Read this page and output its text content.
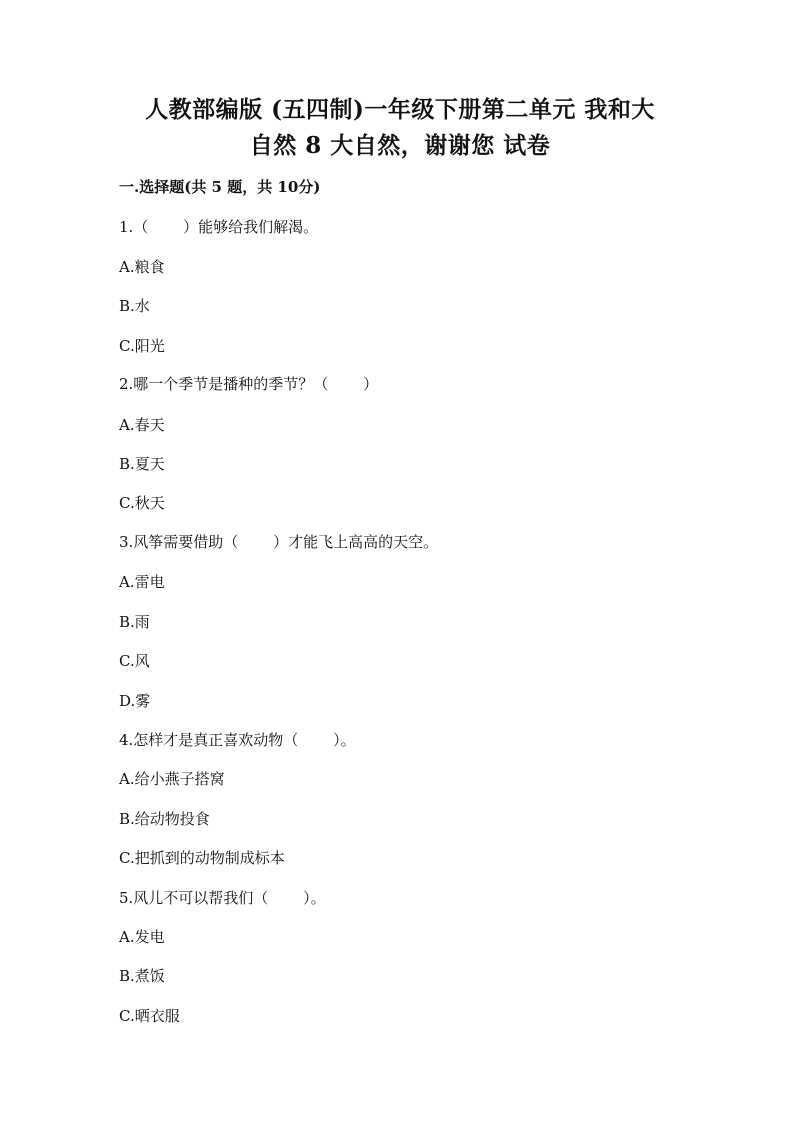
人教部编版 (五四制)一年级下册第二单元 我和大
自然 8 大自然，谢谢您 试卷
一.选择题(共 5 题，共 10分)
1.（　　 ）能够给我们解渴。
A.粮食
B.水
C.阳光
2.哪一个季节是播种的季节？（　　 ）
A.春天
B.夏天
C.秋天
3.风筝需要借助（　　 ）才能飞上高高的天空。
A.雷电
B.雨
C.风
D.雾
4.怎样才是真正喜欢动物（　　 ）。
A.给小燕子搭窝
B.给动物投食
C.把抓到的动物制成标本
5.风儿不可以帮我们（　　 ）。
A.发电
B.煮饭
C.晒衣服
